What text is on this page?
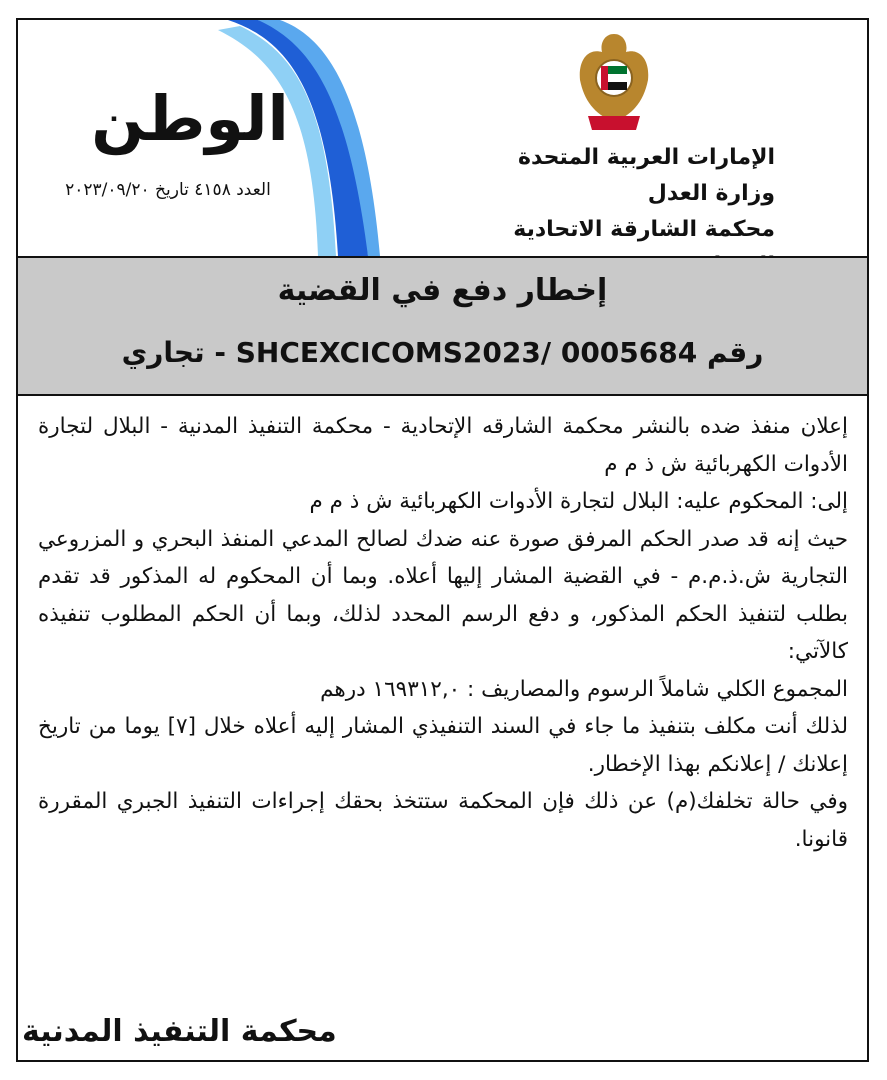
الوطن
العدد ٤١٥٨ تاريخ ٢٠٢٣/٠٩/٢٠
الإمارات العربية المتحدة
وزارة العدل
محكمة الشارقة الاتحادية
إخطار دفع في القضية
رقم SHCEXCICOMS2023/ 0005684 - تجاري

إعلان منفذ ضده بالنشر محكمة الشارقه الإتحادية - محكمة التنفيذ المدنية - البلال لتجارة الأدوات الكهربائية ش ذ م م

إلى: المحكوم عليه: البلال لتجارة الأدوات الكهربائية ش ذ م م

حيث إنه قد صدر الحكم المرفق صورة عنه ضدك لصالح المدعي المنفذ البحري و المزروعي التجارية ش.ذ.م.م - في القضية المشار إليها أعلاه. وبما أن المحكوم له المذكور قد تقدم بطلب لتنفيذ الحكم المذكور، و دفع الرسم المحدد لذلك، وبما أن الحكم المطلوب تنفيذه كالآتي:

المجموع الكلي شاملاً الرسوم والمصاريف : ١٦٩٣١٢,٠ درهم

لذلك أنت مكلف بتنفيذ ما جاء في السند التنفيذي المشار إليه أعلاه خلال [٧] يوما من تاريخ إعلانك / إعلانكم بهذا الإخطار.

وفي حالة تخلفك(م) عن ذلك فإن المحكمة ستتخذ بحقك إجراءات التنفيذ الجبري المقررة قانونا.

محكمة التنفيذ المدنية
